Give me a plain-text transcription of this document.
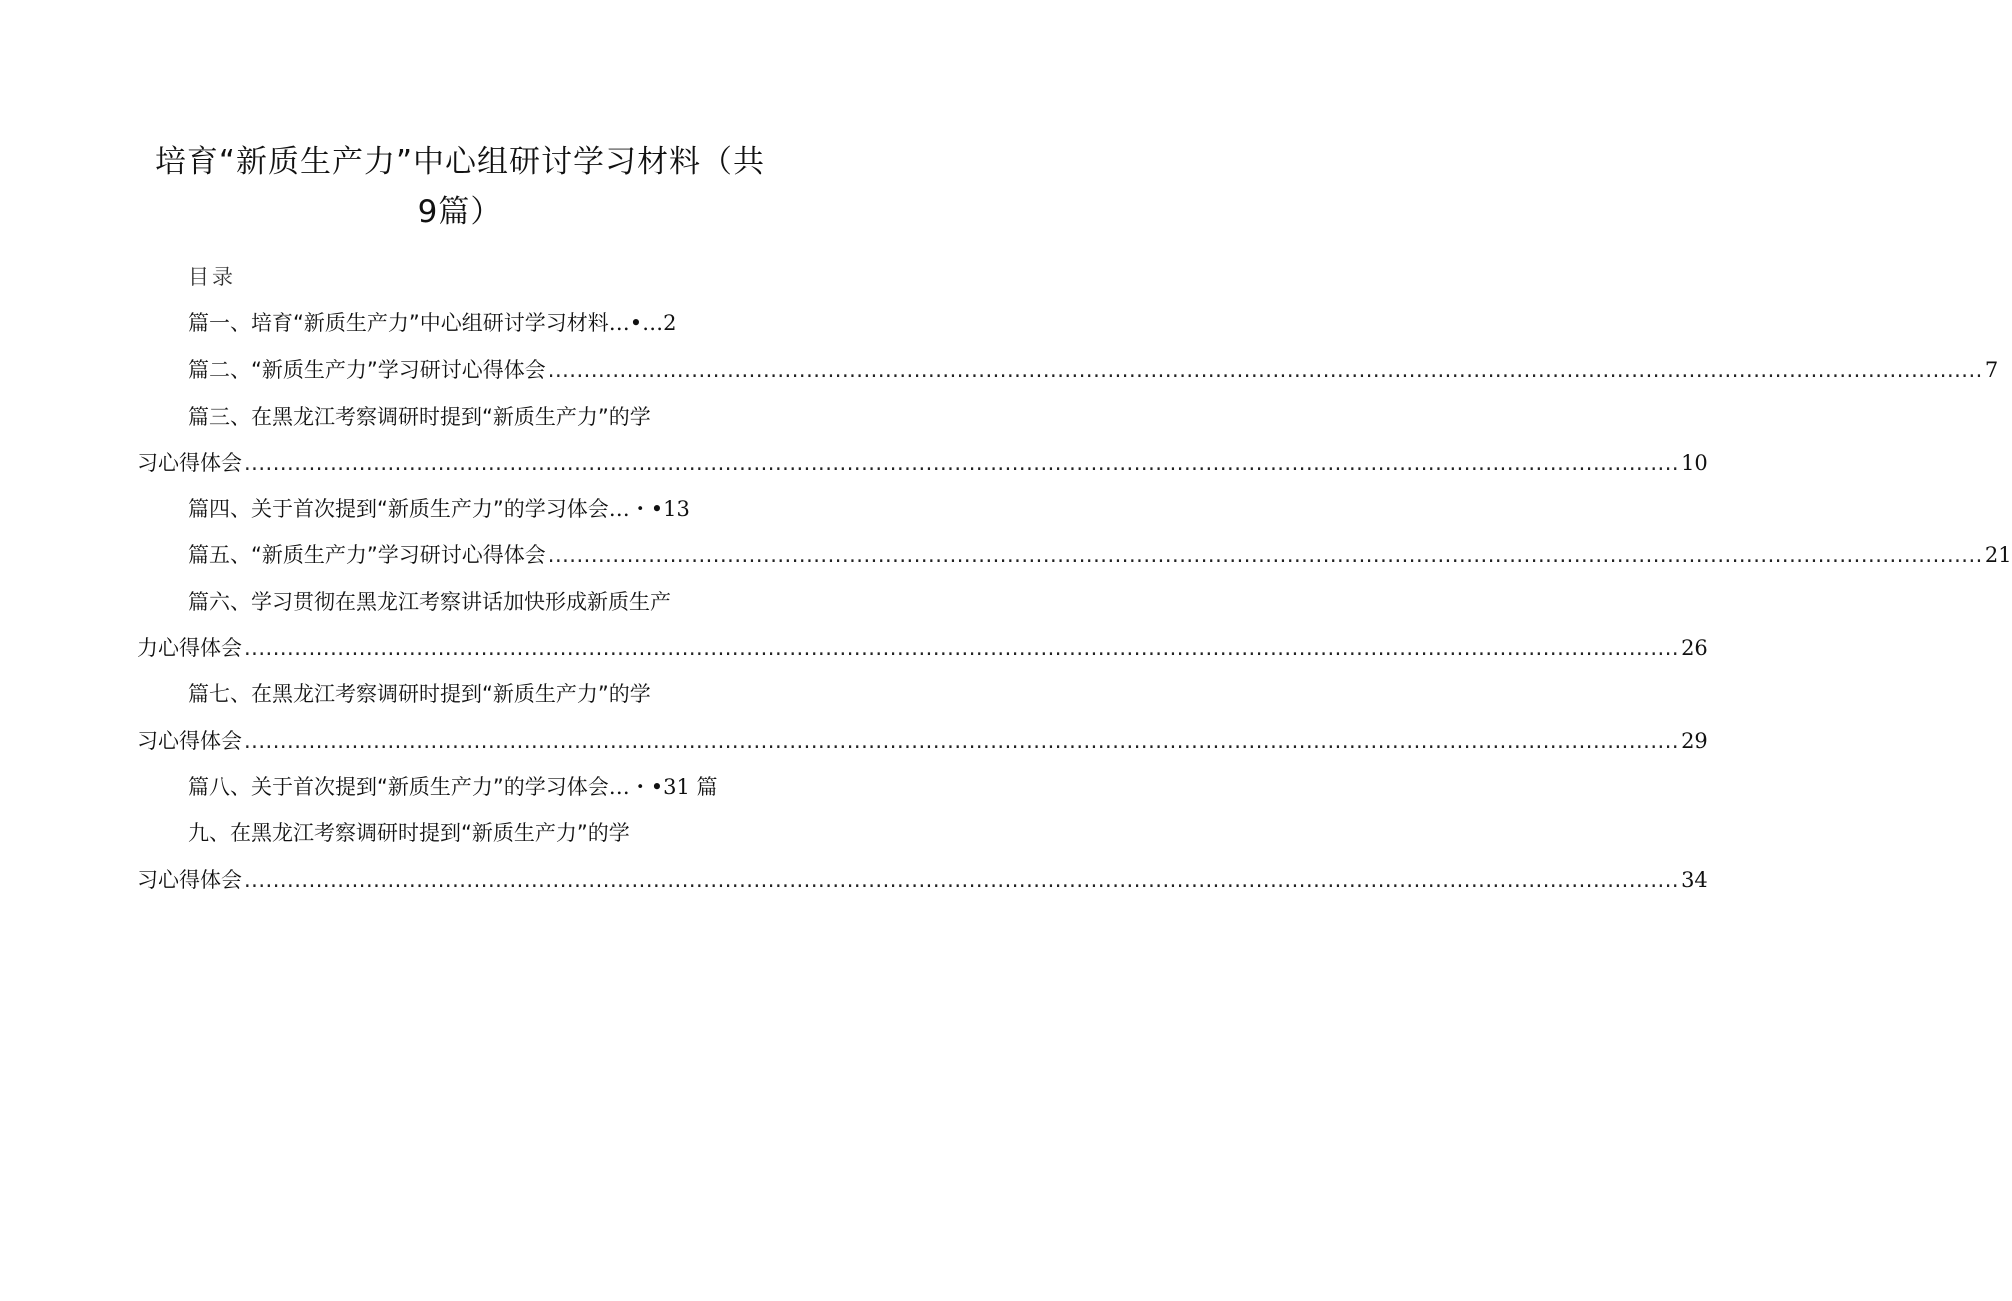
培育“新质生产力”中心组研讨学习材料（共
9篇）
目录
篇一、培育“新质生产力”中心组研讨学习材料…•…2
篇二、“新质生产力”学习研讨心得体会 ........................................................................................................................................................................................................ 7
篇三、在黑龙江考察调研时提到“新质生产力”的学
习心得体会 ........................................................................................................................................................................................................ 10
篇四、关于首次提到“新质生产力”的学习体会…・•13
篇五、“新质生产力”学习研讨心得体会 ........................................................................................................................................................................................................ 21
篇六、学习贯彻在黑龙江考察讲话加快形成新质生产
力心得体会 ........................................................................................................................................................................................................ 26
篇七、在黑龙江考察调研时提到“新质生产力”的学
习心得体会 ........................................................................................................................................................................................................ 29
篇八、关于首次提到“新质生产力”的学习体会…・•31 篇
九、在黑龙江考察调研时提到“新质生产力”的学
习心得体会 ........................................................................................................................................................................................................ 34
